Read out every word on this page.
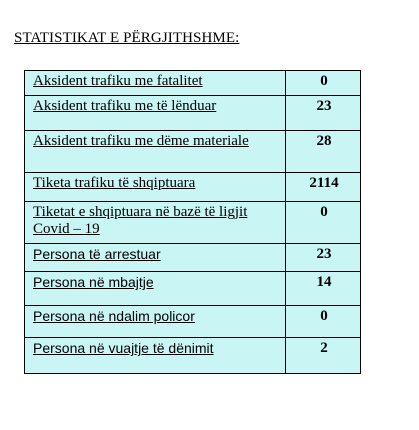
STATISTIKAT E PËRGJITHSHME:
Aksident trafiku me fatalitet	0
Aksident trafiku me të lënduar	23
Aksident trafiku me dëme materiale	28
Tiketa trafiku të shqiptuara	2114
Tiketat e shqiptuara në bazë të ligjit Covid – 19	0
Persona të arrestuar	23
Persona në mbajtje	14
Persona në ndalim policor	0
Persona në vuajtje të dënimit	2
